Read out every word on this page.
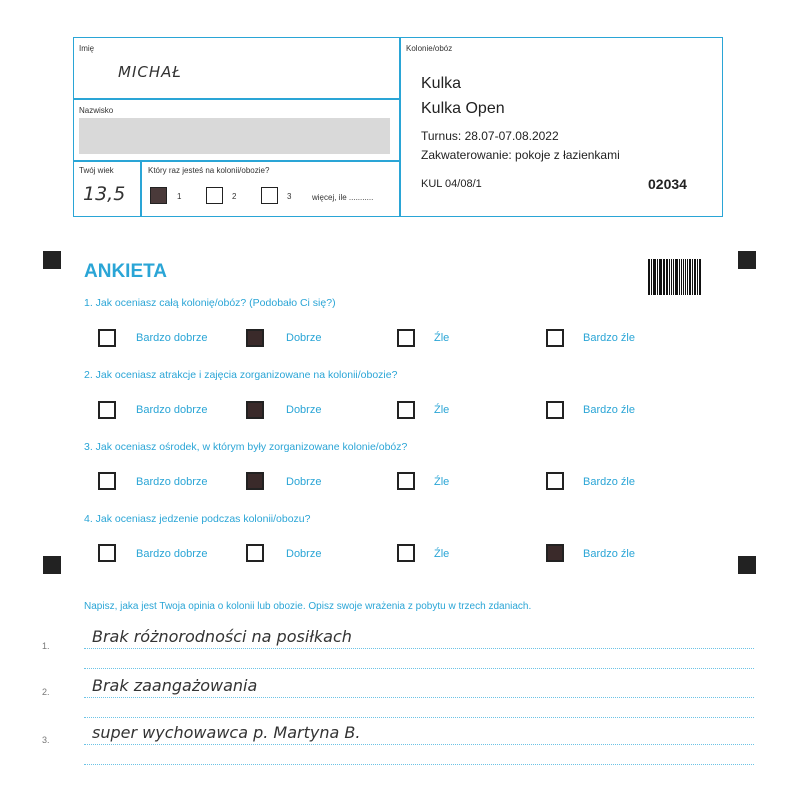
Imię
MICHAŁ
Nazwisko
Twój wiek
13,5
Który raz jesteś na kolonii/obozie?
1	2	3	więcej, ile ...........
Kolonie/obóz
Kulka
Kulka Open
Turnus: 28.07-07.08.2022
Zakwaterowanie: pokoje z łazienkami
KUL 04/08/1	02034
ANKIETA
1. Jak oceniasz całą kolonię/obóz? (Podobało Ci się?)
Bardzo dobrze	Dobrze	Źle	Bardzo źle
2. Jak oceniasz atrakcje i zajęcia zorganizowane na kolonii/obozie?
Bardzo dobrze	Dobrze	Źle	Bardzo źle
3. Jak oceniasz ośrodek, w którym były zorganizowane kolonie/obóz?
Bardzo dobrze	Dobrze	Źle	Bardzo źle
4. Jak oceniasz jedzenie podczas kolonii/obozu?
Bardzo dobrze	Dobrze	Źle	Bardzo źle
Napisz, jaka jest Twoja opinia o kolonii lub obozie. Opisz swoje wrażenia z pobytu w trzech zdaniach.
1.	Brak różnorodności na posiłkach
2.	Brak zaangażowania
3.	super wychowawca p. Martyna B.
